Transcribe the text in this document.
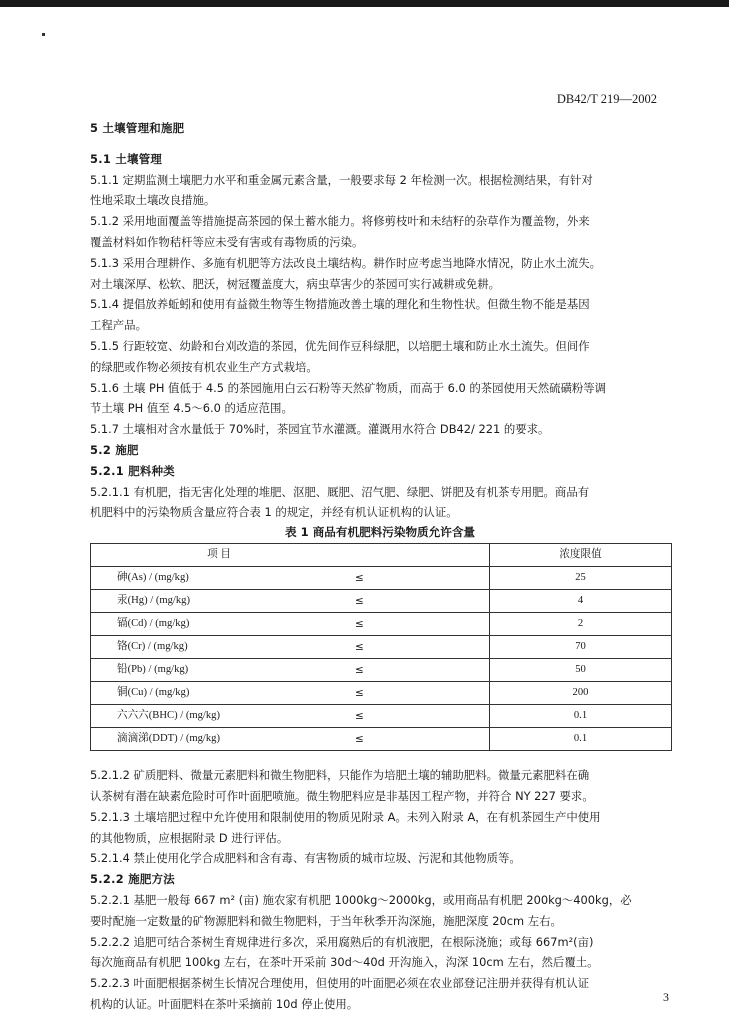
DB42/T 219—2002

5 土壤管理和施肥

5.1 土壤管理

5.1.1 定期监测土壤肥力水平和重金属元素含量，一般要求每 2 年检测一次。根据检测结果，有针对

性地采取土壤改良措施。

5.1.2 采用地面覆盖等措施提高茶园的保土蓄水能力。将修剪枝叶和未结籽的杂草作为覆盖物，外来

覆盖材料如作物秸杆等应未受有害或有毒物质的污染。

5.1.3 采用合理耕作、多施有机肥等方法改良土壤结构。耕作时应考虑当地降水情况，防止水土流失。

对土壤深厚、松软、肥沃，树冠覆盖度大，病虫草害少的茶园可实行减耕或免耕。

5.1.4 提倡放养蚯蚓和使用有益微生物等生物措施改善土壤的理化和生物性状。但微生物不能是基因

工程产品。

5.1.5 行距较宽、幼龄和台刈改造的茶园，优先间作豆科绿肥，以培肥土壤和防止水土流失。但间作

的绿肥或作物必须按有机农业生产方式栽培。

5.1.6 土壤 PH 值低于 4.5 的茶园施用白云石粉等天然矿物质，而高于 6.0 的茶园使用天然硫磺粉等调

节土壤 PH 值至 4.5～6.0 的适应范围。

5.1.7 土壤相对含水量低于 70%时，茶园宜节水灌溉。灌溉用水符合 DB42/ 221 的要求。

5.2 施肥

5.2.1 肥料种类

5.2.1.1 有机肥，指无害化处理的堆肥、沤肥、厩肥、沼气肥、绿肥、饼肥及有机茶专用肥。商品有

机肥料中的污染物质含量应符合表 1 的规定，并经有机认证机构的认证。

表 1 商品有机肥料污染物质允许含量
项 目		浓度限值
砷(As) / (mg/kg)	≤	25
汞(Hg) / (mg/kg)	≤	4
镉(Cd) / (mg/kg)	≤	2
铬(Cr) / (mg/kg)	≤	70
铅(Pb) / (mg/kg)	≤	50
铜(Cu) / (mg/kg)	≤	200
六六六(BHC) / (mg/kg)	≤	0.1
滴滴涕(DDT) / (mg/kg)	≤	0.1

5.2.1.2 矿质肥料、微量元素肥料和微生物肥料，只能作为培肥土壤的辅助肥料。微量元素肥料在确

认茶树有潜在缺素危险时可作叶面肥喷施。微生物肥料应是非基因工程产物，并符合 NY 227 要求。

5.2.1.3 土壤培肥过程中允许使用和限制使用的物质见附录 A。未列入附录 A，在有机茶园生产中使用

的其他物质，应根据附录 D 进行评估。

5.2.1.4 禁止使用化学合成肥料和含有毒、有害物质的城市垃圾、污泥和其他物质等。

5.2.2 施肥方法

5.2.2.1 基肥一般每 667 m² (亩) 施农家有机肥 1000kg～2000kg，或用商品有机肥 200kg～400kg，必

要时配施一定数量的矿物源肥料和微生物肥料，于当年秋季开沟深施，施肥深度 20cm 左右。

5.2.2.2 追肥可结合茶树生育规律进行多次，采用腐熟后的有机液肥，在根际浇施；或每 667m²(亩)

每次施商品有机肥 100kg 左右，在茶叶开采前 30d～40d 开沟施入，沟深 10cm 左右，然后覆土。

5.2.2.3 叶面肥根据茶树生长情况合理使用，但使用的叶面肥必须在农业部登记注册并获得有机认证

机构的认证。叶面肥料在茶叶采摘前 10d 停止使用。	3
